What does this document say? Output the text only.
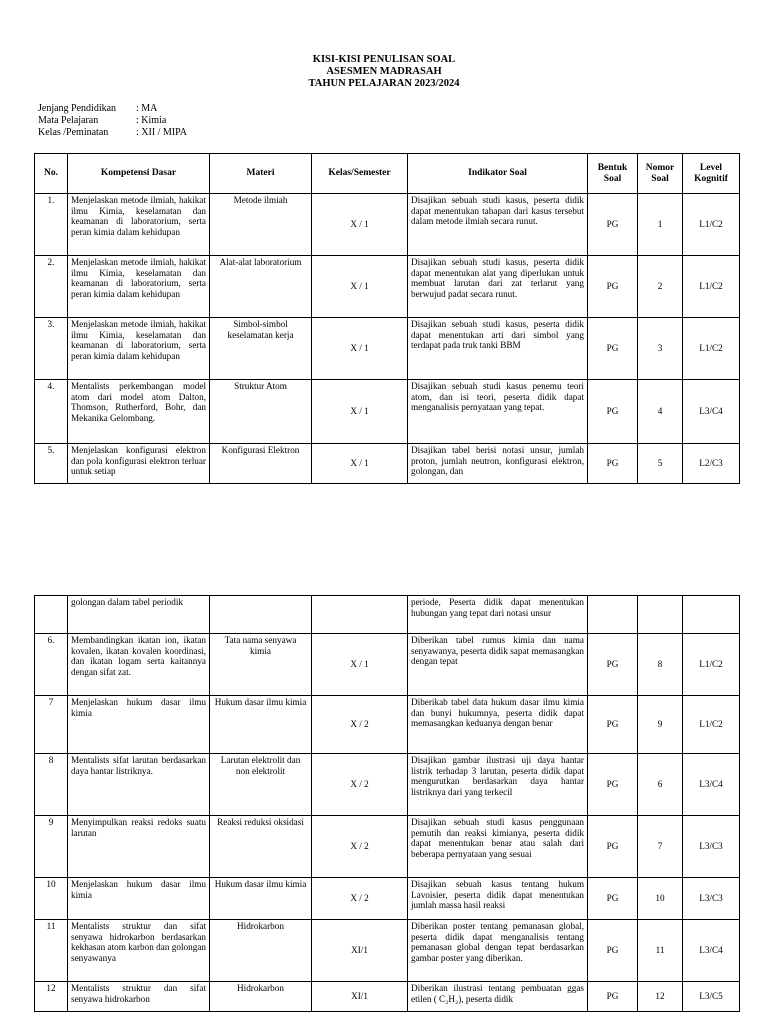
KISI-KISI PENULISAN SOAL
ASESMEN MADRASAH
TAHUN PELAJARAN 2023/2024
Jenjang Pendidikan	: MA
Mata Pelajaran	: Kimia
Kelas /Peminatan	: XII / MIPA
No.	Kompetensi Dasar	Materi	Kelas/Semester	Indikator Soal	Bentuk Soal	Nomor Soal	Level Kognitif
1.	Menjelaskan metode ilmiah, hakikat ilmu Kimia, keselamatan dan keamanan di laboratorium, serta peran kimia dalam kehidupan	Metode ilmiah	X / 1	Disajikan sebuah studi kasus, peserta didik dapat menentukan tahapan dari kasus tersebut dalam metode ilmiah secara runut.	PG	1	L1/C2
2.	Menjelaskan metode ilmiah, hakikat ilmu Kimia, keselamatan dan keamanan di laboratorium, serta peran kimia dalam kehidupan	Alat-alat laboratorium	X / 1	Disajikan sebuah studi kasus, peserta didik dapat menentukan alat yang diperlukan untuk membuat larutan dari zat terlarut yang berwujud padat secara runut.	PG	2	L1/C2
3.	Menjelaskan metode ilmiah, hakikat ilmu Kimia, keselamatan dan keamanan di laboratorium, serta peran kimia dalam kehidupan	Simbol-simbol keselamatan kerja	X / 1	Disajikan sebuah studi kasus, peserta didik dapat menentukan arti dari simbol yang terdapat pada truk tanki BBM	PG	3	L1/C2
4.	Mentalists perkembangan model atom dari model atom Dalton, Thomson, Rutherford, Bohr, dan Mekanika Gelombang.	Struktur Atom	X / 1	Disajikan sebuah studi kasus penemu teori atom, dan isi teori, peserta didik dapat menganalisis pernyataan yang tepat.	PG	4	L3/C4
5.	Menjelaskan konfigurasi elektron dan pola konfigurasi elektron terluar untuk setiap	Konfigurasi Elektron	X / 1	Disajikan tabel berisi notasi unsur, jumlah proton, jumlah neutron, konfigurasi elektron, golongan, dan	PG	5	L2/C3
	golongan dalam tabel periodik			periode, Peserta didik dapat menentukan hubungan yang tepat dari notasi unsur			
6.	Membandingkan ikatan ion, ikatan kovalen, ikatan kovalen koordinasi, dan ikatan logam serta kaitannya dengan sifat zat.	Tata nama senyawa kimia	X / 1	Diberikan tabel rumus kimia dan nama senyawanya, peserta didik sapat memasangkan dengan tepat	PG	8	L1/C2
7	Menjelaskan hukum dasar ilmu kimia	Hukum dasar ilmu kimia	X / 2	Diberikab tabel data hukum dasar ilmu kimia dan bunyi hukumnya, peserta didik dapat memasangkan keduanya dengan benar	PG	9	L1/C2
8	Mentalists sifat larutan berdasarkan daya hantar listriknya.	Larutan elektrolit dan non elektrolit	X / 2	Disajikan gambar ilustrasi uji daya hantar listrik terhadap 3 larutan, peserta didik dapat mengurutkan berdasarkan daya hantar listriknya dari yang terkecil	PG	6	L3/C4
9	Menyimpulkan reaksi redoks suatu larutan	Reaksi reduksi oksidasi	X / 2	Disajikan sebuah studi kasus penggunaan pemutih dan reaksi kimianya, peserta didik dapat menentukan benar atau salah dari beberapa pernyataan yang sesuai	PG	7	L3/C3
10	Menjelaskan hukum dasar ilmu kimia	Hukum dasar ilmu kimia	X / 2	Disajikan sebuah kasus tentang hukum Lavoisier, peserta didik dapat menentukan jumlah massa hasil reaksi	PG	10	L3/C3
11	Mentalists struktur dan sifat senyawa hidrokarbon berdasarkan kekhasan atom karbon dan golongan senyawanya	Hidrokarbon	XI/1	Diberikan poster tentang pemanasan global, peserta didik dapat menganalisis tentang pemanasan global dengan tepat berdasarkan gambar poster yang diberikan.	PG	11	L3/C4
12	Mentalists struktur dan sifat senyawa hidrokarbon	Hidrokarbon	XI/1	Diberikan ilustrasi tentang pembuatan ggas etilen ( C₂H₂), peserta didik	PG	12	L3/C5
